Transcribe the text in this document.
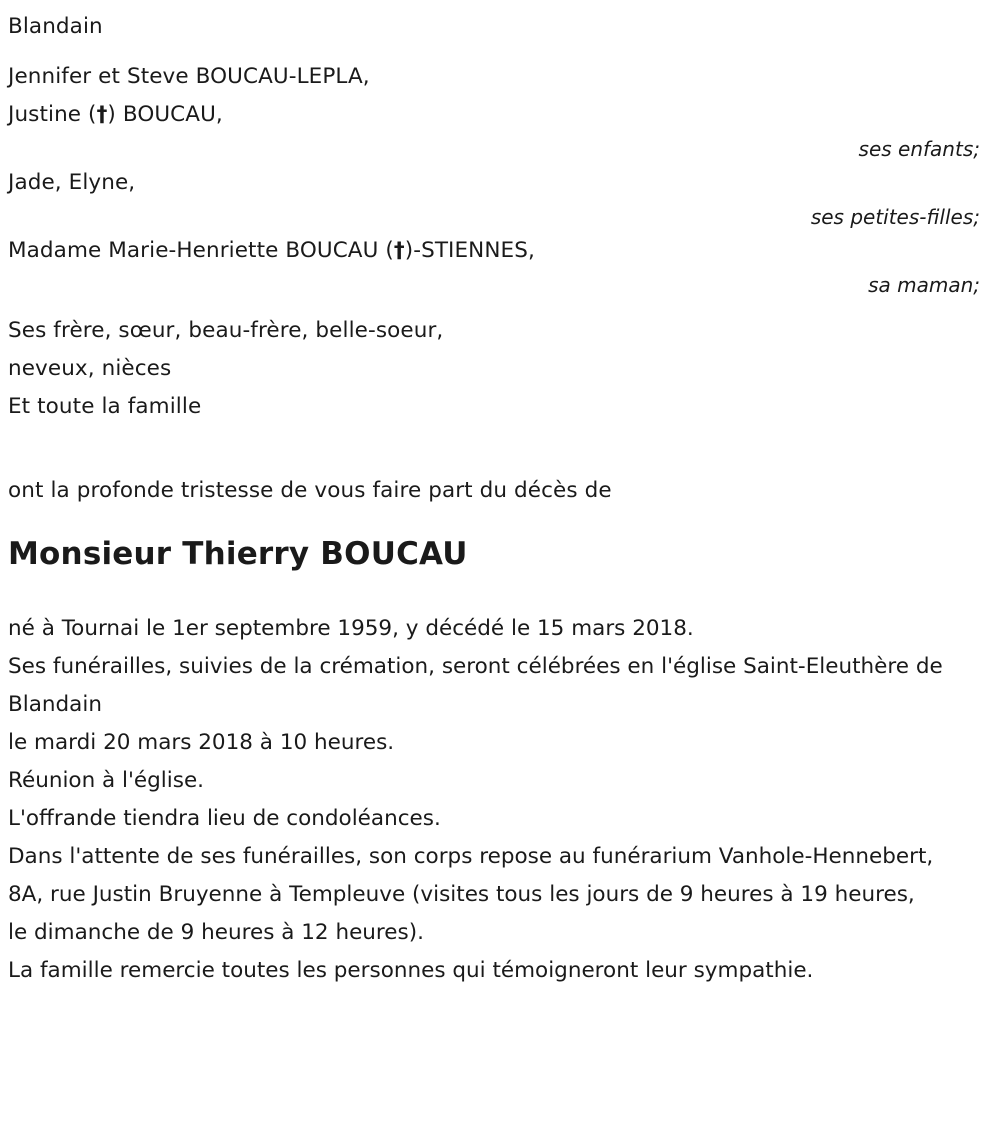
Blandain
Jennifer et Steve BOUCAU-LEPLA,
Justine (†) BOUCAU,
ses enfants;
Jade, Elyne,
ses petites-filles;
Madame Marie-Henriette BOUCAU (†)-STIENNES,
sa maman;
Ses frère, sœur, beau-frère, belle-soeur,
neveux, nièces
Et toute la famille
ont la profonde tristesse de vous faire part du décès de
Monsieur Thierry BOUCAU

né à Tournai le 1er septembre 1959, y décédé le 15 mars 2018.

Ses funérailles, suivies de la crémation, seront célébrées en l'église Saint-Eleuthère de Blandain

le mardi 20 mars 2018 à 10 heures.

Réunion à l'église.

L'offrande tiendra lieu de condoléances.

Dans l'attente de ses funérailles, son corps repose au funérarium Vanhole-Hennebert, 8A, rue Justin Bruyenne à Templeuve (visites tous les jours de 9 heures à 19 heures, le dimanche de 9 heures à 12 heures).

La famille remercie toutes les personnes qui témoigneront leur sympathie.
